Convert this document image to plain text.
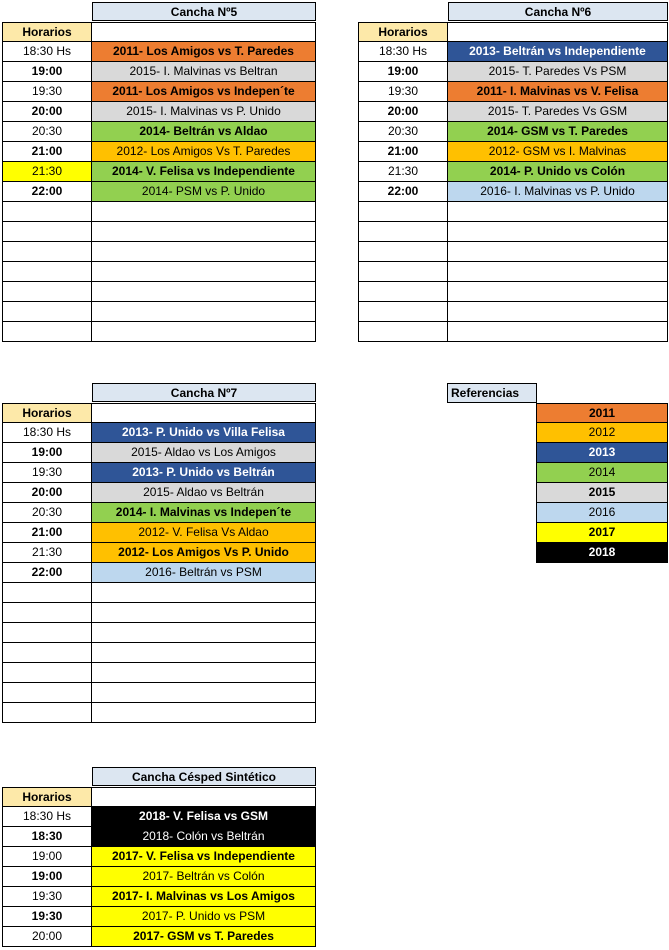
Cancha Nº5
Horarios
18:30 Hs	2011- Los Amigos vs T. Paredes
19:00	2015- I. Malvinas vs Beltran
19:30	2011- Los Amigos vs Indepen´te
20:00	2015- I. Malvinas vs P. Unido
20:30	2014- Beltrán vs Aldao
21:00	2012- Los Amigos Vs T. Paredes
21:30	2014- V. Felisa vs Independiente
22:00	2014- PSM vs P. Unido
Cancha Nº6
Horarios
18:30 Hs	2013- Beltrán vs Independiente
19:00	2015- T. Paredes Vs PSM
19:30	2011- I. Malvinas vs V. Felisa
20:00	2015- T. Paredes Vs GSM
20:30	2014- GSM vs T. Paredes
21:00	2012- GSM vs I. Malvinas
21:30	2014- P. Unido vs Colón
22:00	2016- I. Malvinas vs P. Unido
Cancha Nº7
Horarios
18:30 Hs	2013- P. Unido vs Villa Felisa
19:00	2015- Aldao vs Los Amigos
19:30	2013- P. Unido vs Beltrán
20:00	2015- Aldao vs Beltrán
20:30	2014- I. Malvinas vs Indepen´te
21:00	2012- V. Felisa Vs Aldao
21:30	2012- Los Amigos Vs P. Unido
22:00	2016- Beltrán vs PSM
Cancha Césped Sintético
Horarios
18:30 Hs	2018- V. Felisa vs GSM
18:30	2018- Colón vs Beltrán
19:00	2017- V. Felisa vs Independiente
19:00	2017- Beltrán vs Colón
19:30	2017- I. Malvinas vs Los Amigos
19:30	2017- P. Unido vs PSM
20:00	2017- GSM vs T. Paredes
Referencias
2011
2012
2013
2014
2015
2016
2017
2018
